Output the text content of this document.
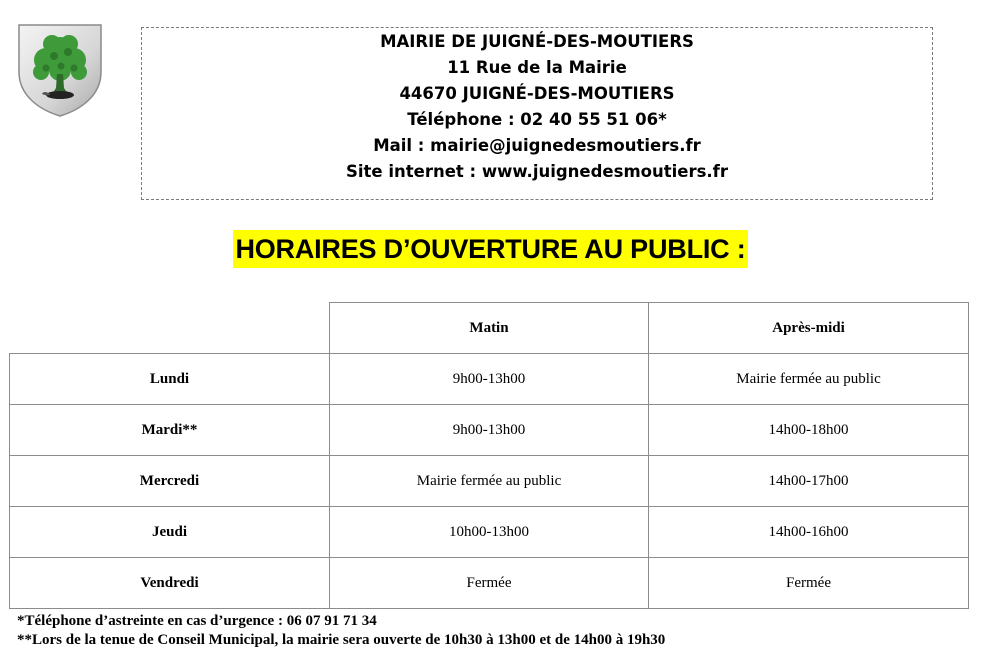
MAIRIE DE JUIGNÉ-DES-MOUTIERS
11 Rue de la Mairie
44670 JUIGNÉ-DES-MOUTIERS
Téléphone : 02 40 55 51 06*
Mail : mairie@juignedesmoutiers.fr
Site internet : www.juignedesmoutiers.fr
HORAIRES D’OUVERTURE AU PUBLIC :
	Matin	Après-midi
Lundi	9h00-13h00	Mairie fermée au public
Mardi**	9h00-13h00	14h00-18h00
Mercredi	Mairie fermée au public	14h00-17h00
Jeudi	10h00-13h00	14h00-16h00
Vendredi	Fermée	Fermée
*Téléphone d’astreinte en cas d’urgence : 06 07 91 71 34
**Lors de la tenue de Conseil Municipal, la mairie sera ouverte de 10h30 à 13h00 et de 14h00 à 19h30
